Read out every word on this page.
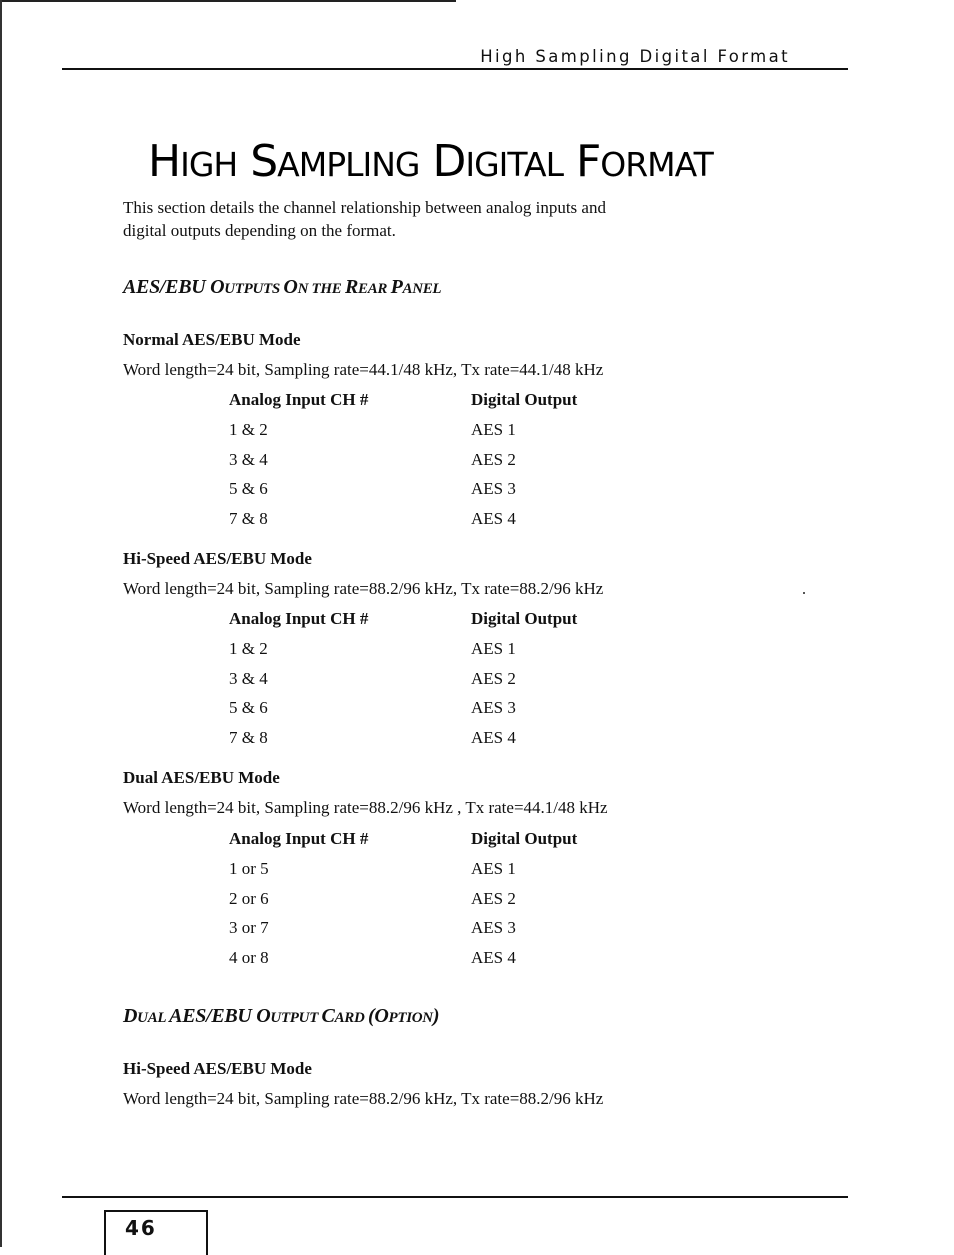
High Sampling Digital Format
HIGH SAMPLING DIGITAL FORMAT

This section details the channel relationship between analog inputs and
digital outputs depending on the format.

AES/EBU OUTPUTS ON THE REAR PANEL
Normal AES/EBU Mode

Word length=24 bit, Sampling rate=44.1/48 kHz, Tx rate=44.1/48 kHz

Analog Input CH #	Digital Output
1 & 2	AES 1
3 & 4	AES 2
5 & 6	AES 3
7 & 8	AES 4
Hi-Speed AES/EBU Mode

Word length=24 bit, Sampling rate=88.2/96 kHz, Tx rate=88.2/96 kHz

Analog Input CH #	Digital Output
1 & 2	AES 1
3 & 4	AES 2
5 & 6	AES 3
7 & 8	AES 4
Dual AES/EBU Mode

Word length=24 bit, Sampling rate=88.2/96 kHz , Tx rate=44.1/48 kHz

Analog Input CH #	Digital Output
1 or 5	AES 1
2 or 6	AES 2
3 or 7	AES 3
4 or 8	AES 4
DUAL AES/EBU OUTPUT CARD (OPTION)
Hi-Speed AES/EBU Mode

Word length=24 bit, Sampling rate=88.2/96 kHz, Tx rate=88.2/96 kHz

46
